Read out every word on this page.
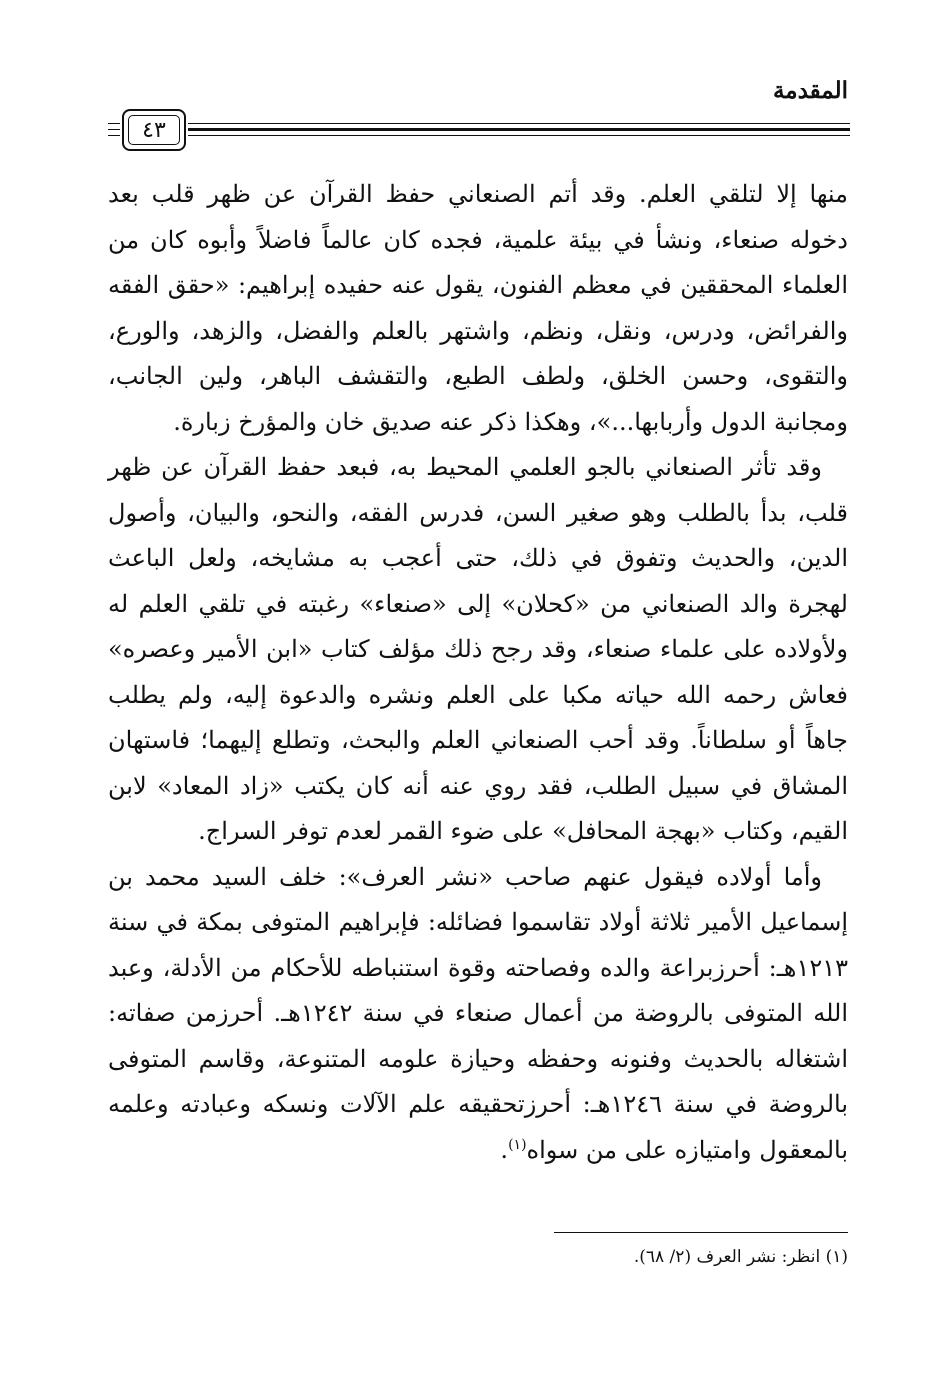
المقدمة
٤٣

منها إلا لتلقي العلم. وقد أتم الصنعاني حفظ القرآن عن ظهر قلب بعد دخوله صنعاء، ونشأ في بيئة علمية، فجده كان عالماً فاضلاً وأبوه كان من العلماء المحققين في معظم الفنون، يقول عنه حفيده إبراهيم: «حقق الفقه والفرائض، ودرس، ونقل، ونظم، واشتهر بالعلم والفضل، والزهد، والورع، والتقوى، وحسن الخلق، ولطف الطبع، والتقشف الباهر، ولين الجانب، ومجانبة الدول وأربابها...»، وهكذا ذكر عنه صديق خان والمؤرخ زبارة.

وقد تأثر الصنعاني بالجو العلمي المحيط به، فبعد حفظ القرآن عن ظهر قلب، بدأ بالطلب وهو صغير السن، فدرس الفقه، والنحو، والبيان، وأصول الدين، والحديث وتفوق في ذلك، حتى أعجب به مشايخه، ولعل الباعث لهجرة والد الصنعاني من «كحلان» إلى «صنعاء» رغبته في تلقي العلم له ولأولاده على علماء صنعاء، وقد رجح ذلك مؤلف كتاب «ابن الأمير وعصره» فعاش رحمه الله حياته مكبا على العلم ونشره والدعوة إليه، ولم يطلب جاهاً أو سلطاناً. وقد أحب الصنعاني العلم والبحث، وتطلع إليهما؛ فاستهان المشاق في سبيل الطلب، فقد روي عنه أنه كان يكتب «زاد المعاد» لابن القيم، وكتاب «بهجة المحافل» على ضوء القمر لعدم توفر السراج.

وأما أولاده فيقول عنهم صاحب «نشر العرف»: خلف السيد محمد بن إسماعيل الأمير ثلاثة أولاد تقاسموا فضائله: فإبراهيم المتوفى بمكة في سنة ١٢١٣هـ: أحرزبراعة والده وفصاحته وقوة استنباطه للأحكام من الأدلة، وعبد الله المتوفى بالروضة من أعمال صنعاء في سنة ١٢٤٢هـ. أحرزمن صفاته: اشتغاله بالحديث وفنونه وحفظه وحيازة علومه المتنوعة، وقاسم المتوفى بالروضة في سنة ١٢٤٦هـ: أحرزتحقيقه علم الآلات ونسكه وعبادته وعلمه بالمعقول وامتيازه على من سواه$^{(١)}$.

(١) انظر: نشر العرف (٢/ ٦٨).
